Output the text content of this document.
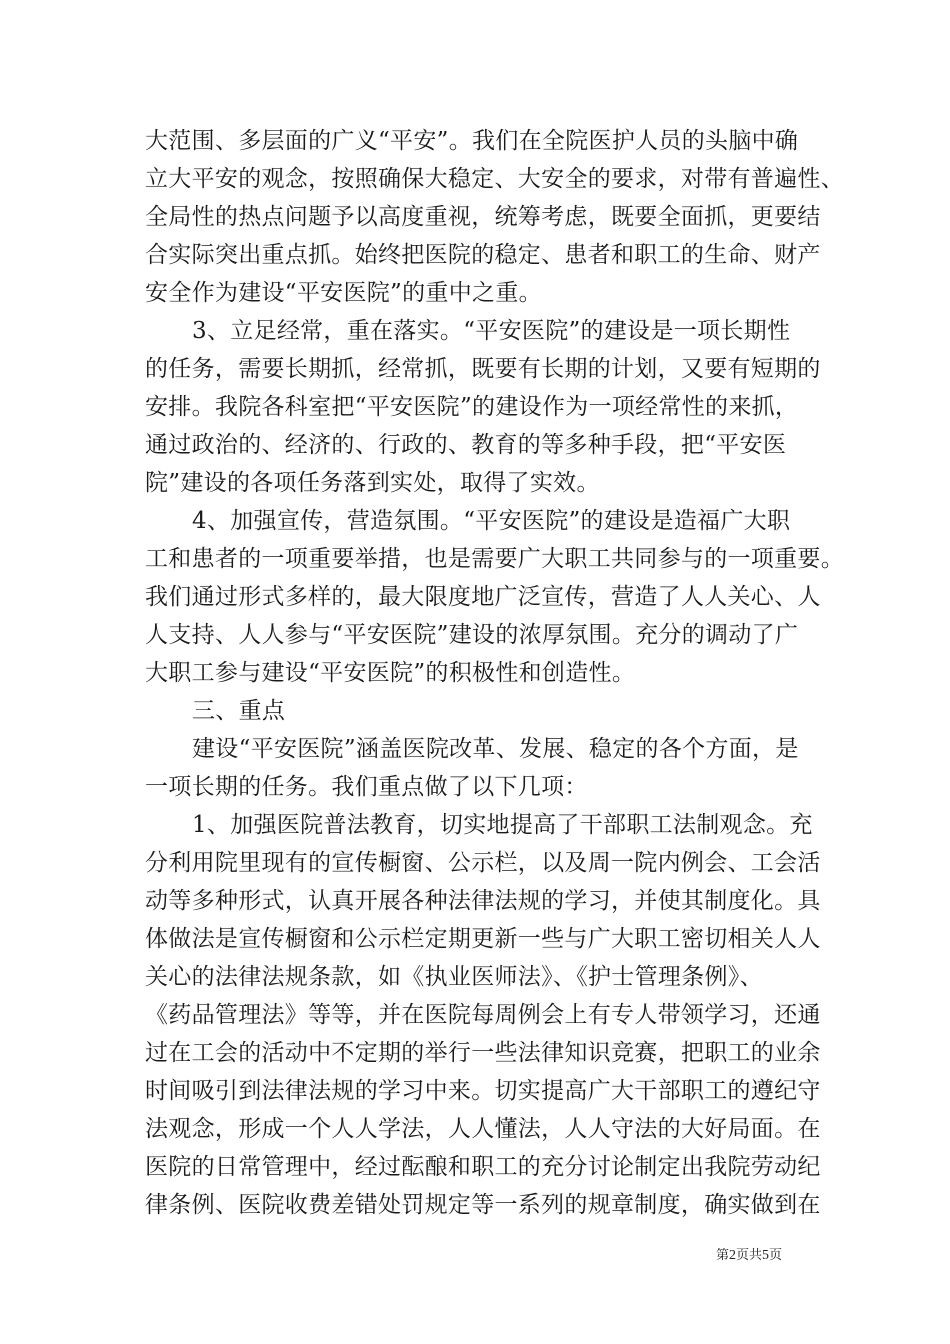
大范围、多层面的广义“平安”。我们在全院医护人员的头脑中确
立大平安的观念，按照确保大稳定、大安全的要求，对带有普遍性、
全局性的热点问题予以高度重视，统筹考虑，既要全面抓，更要结
合实际突出重点抓。始终把医院的稳定、患者和职工的生命、财产
安全作为建设“平安医院”的重中之重。
3、立足经常，重在落实。“平安医院”的建设是一项长期性
的任务，需要长期抓，经常抓，既要有长期的计划，又要有短期的
安排。我院各科室把“平安医院”的建设作为一项经常性的来抓，
通过政治的、经济的、行政的、教育的等多种手段，把“平安医
院”建设的各项任务落到实处，取得了实效。
4、加强宣传，营造氛围。“平安医院”的建设是造福广大职
工和患者的一项重要举措，也是需要广大职工共同参与的一项重要。
我们通过形式多样的，最大限度地广泛宣传，营造了人人关心、人
人支持、人人参与“平安医院”建设的浓厚氛围。充分的调动了广
大职工参与建设“平安医院”的积极性和创造性。
三、重点
建设“平安医院”涵盖医院改革、发展、稳定的各个方面，是
一项长期的任务。我们重点做了以下几项：
1、加强医院普法教育，切实地提高了干部职工法制观念。充
分利用院里现有的宣传橱窗、公示栏，以及周一院内例会、工会活
动等多种形式，认真开展各种法律法规的学习，并使其制度化。具
体做法是宣传橱窗和公示栏定期更新一些与广大职工密切相关人人
关心的法律法规条款，如《执业医师法》、《护士管理条例》、
《药品管理法》等等，并在医院每周例会上有专人带领学习，还通
过在工会的活动中不定期的举行一些法律知识竞赛，把职工的业余
时间吸引到法律法规的学习中来。切实提高广大干部职工的遵纪守
法观念，形成一个人人学法，人人懂法，人人守法的大好局面。在
医院的日常管理中，经过酝酿和职工的充分讨论制定出我院劳动纪
律条例、医院收费差错处罚规定等一系列的规章制度，确实做到在
第2页共5页
